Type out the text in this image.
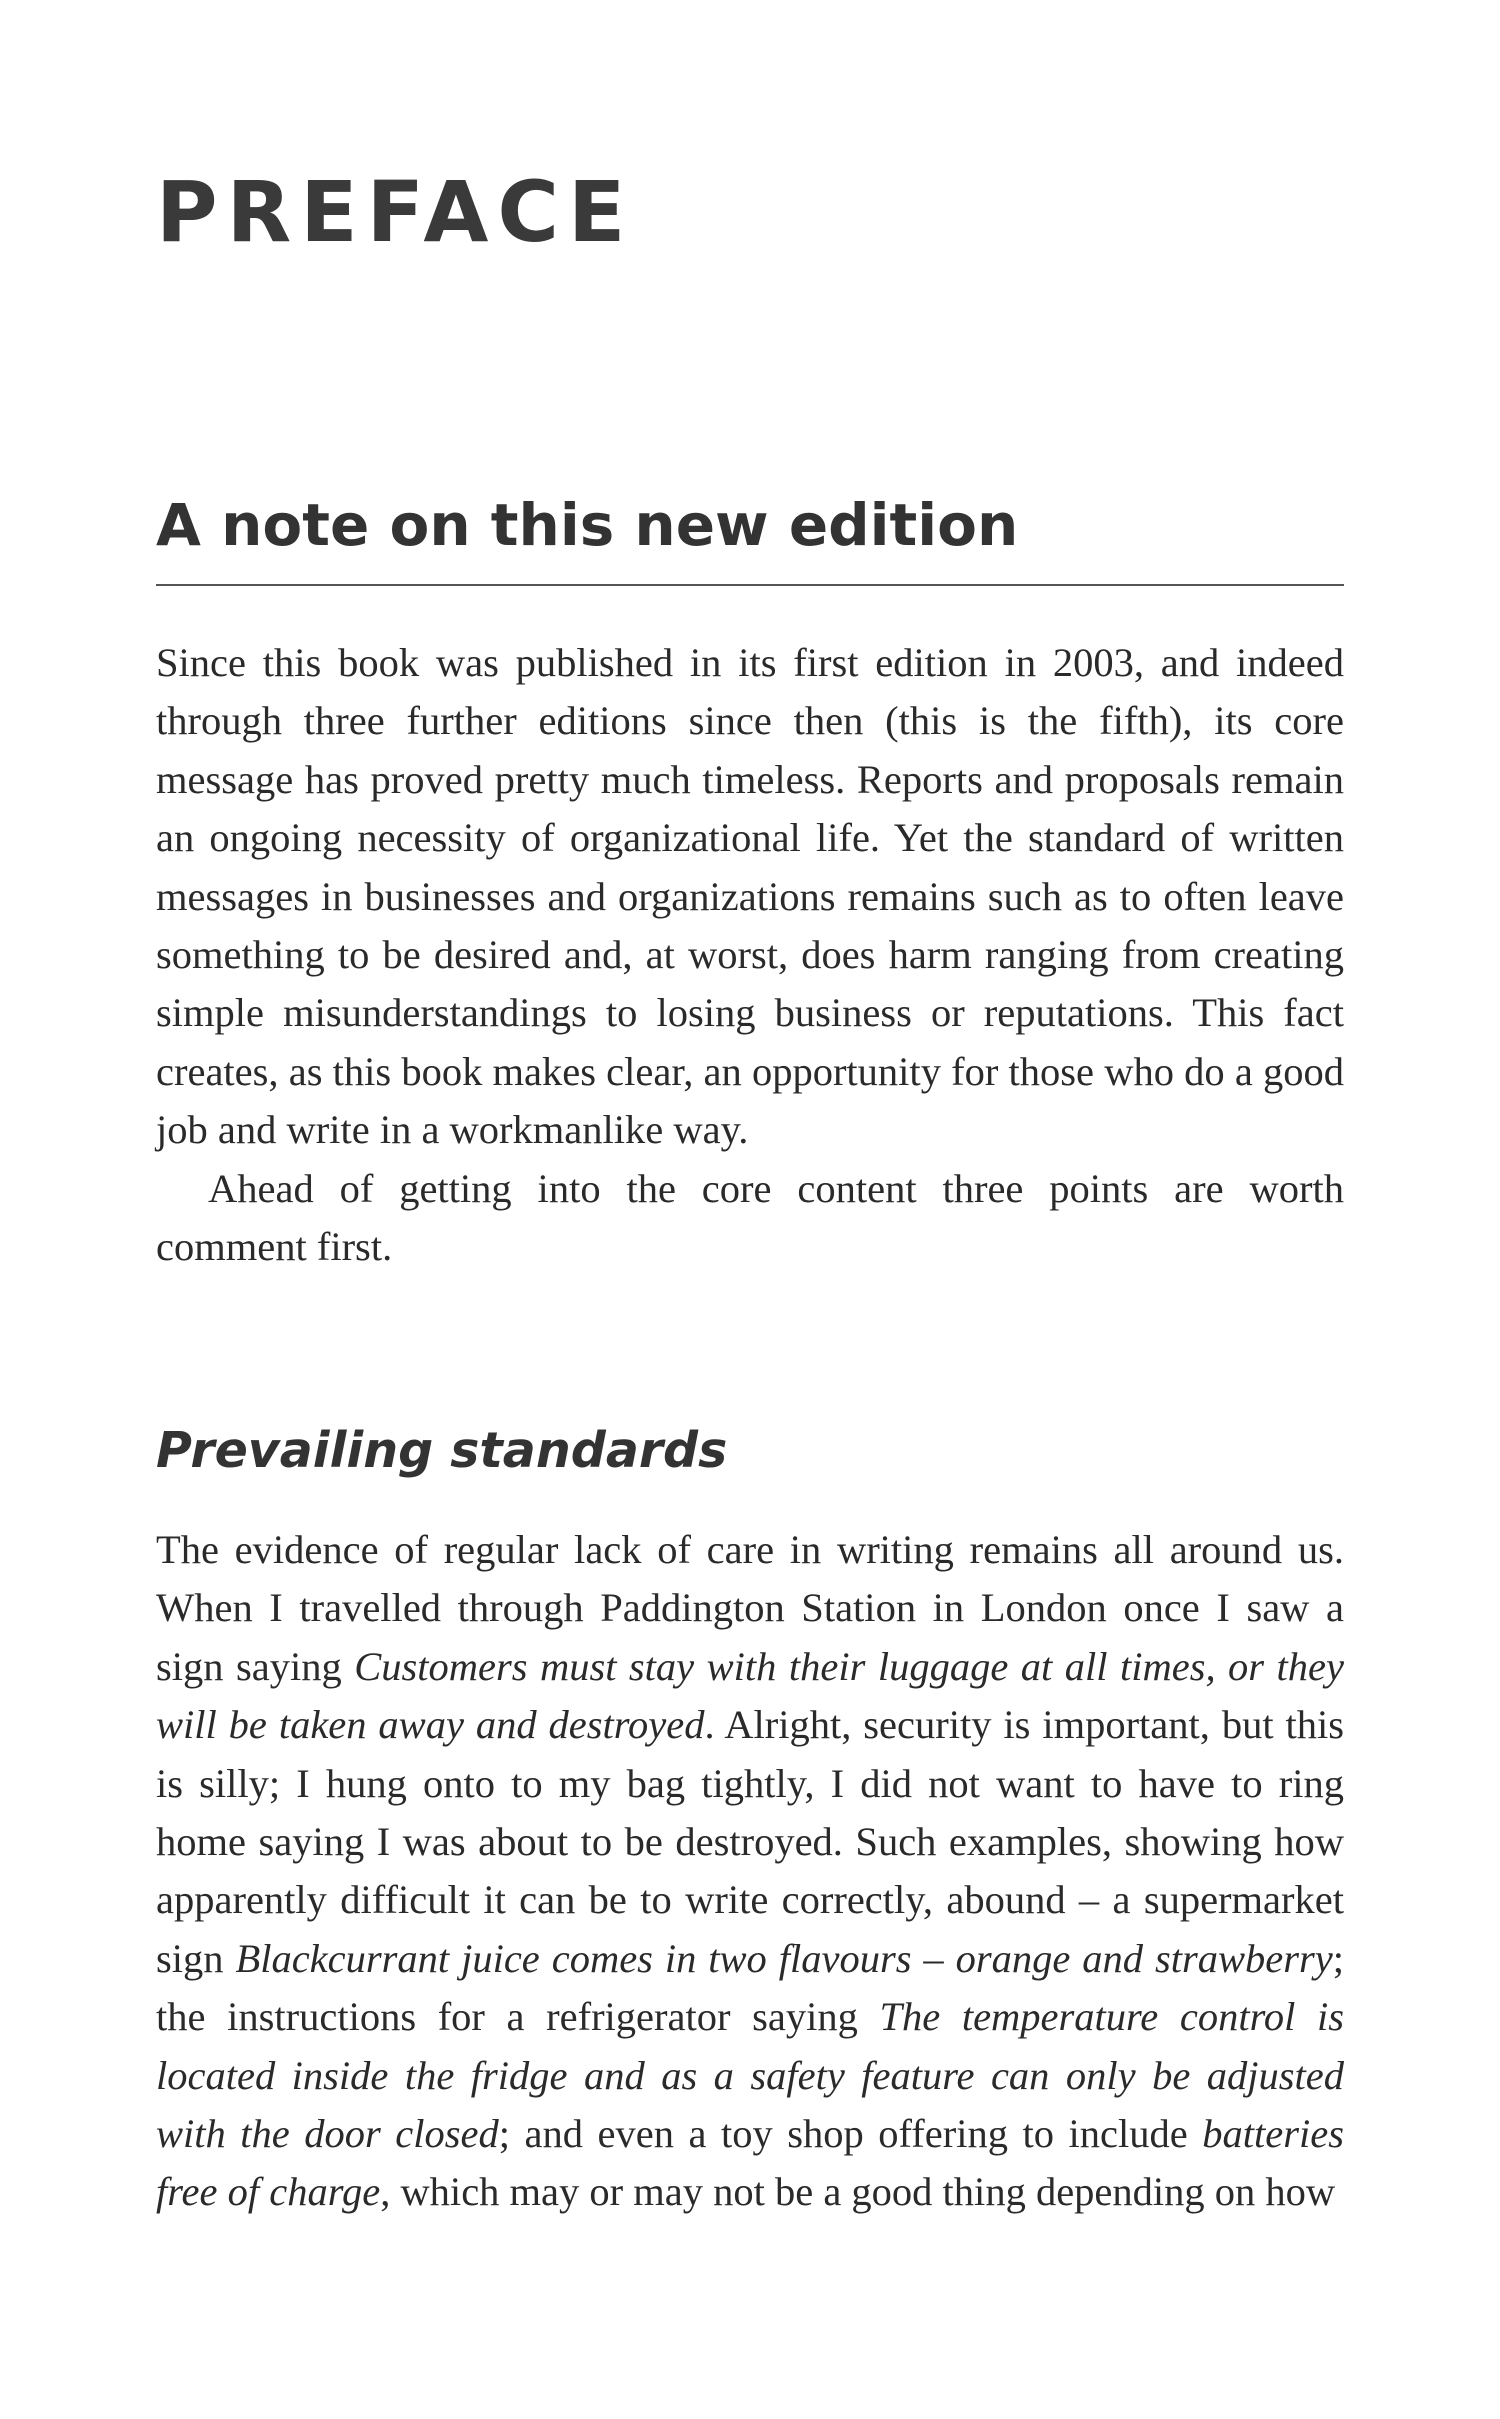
PREFACE
A note on this new edition

Since this book was published in its first edition in 2003, and indeed through three further editions since then (this is the fifth), its core message has proved pretty much timeless. Reports and proposals remain an ongoing necessity of organizational life. Yet the standard of written messages in businesses and organizations remains such as to often leave something to be desired and, at worst, does harm ranging from creating simple misunderstandings to losing business or reputations. This fact creates, as this book makes clear, an opportunity for those who do a good job and write in a workmanlike way.

Ahead of getting into the core content three points are worth comment first.

Prevailing standards

The evidence of regular lack of care in writing remains all around us. When I travelled through Paddington Station in London once I saw a sign saying Customers must stay with their luggage at all times, or they will be taken away and destroyed. Alright, security is important, but this is silly; I hung onto to my bag tightly, I did not want to have to ring home saying I was about to be destroyed. Such examples, showing how apparently difficult it can be to write correctly, abound – a supermarket sign Blackcurrant juice comes in two flavours – orange and strawberry; the instructions for a refrigerator saying The temperature control is located inside the fridge and as a safety feature can only be adjusted with the door closed; and even a toy shop offering to include batteries free of charge, which may or may not be a good thing depending on how
